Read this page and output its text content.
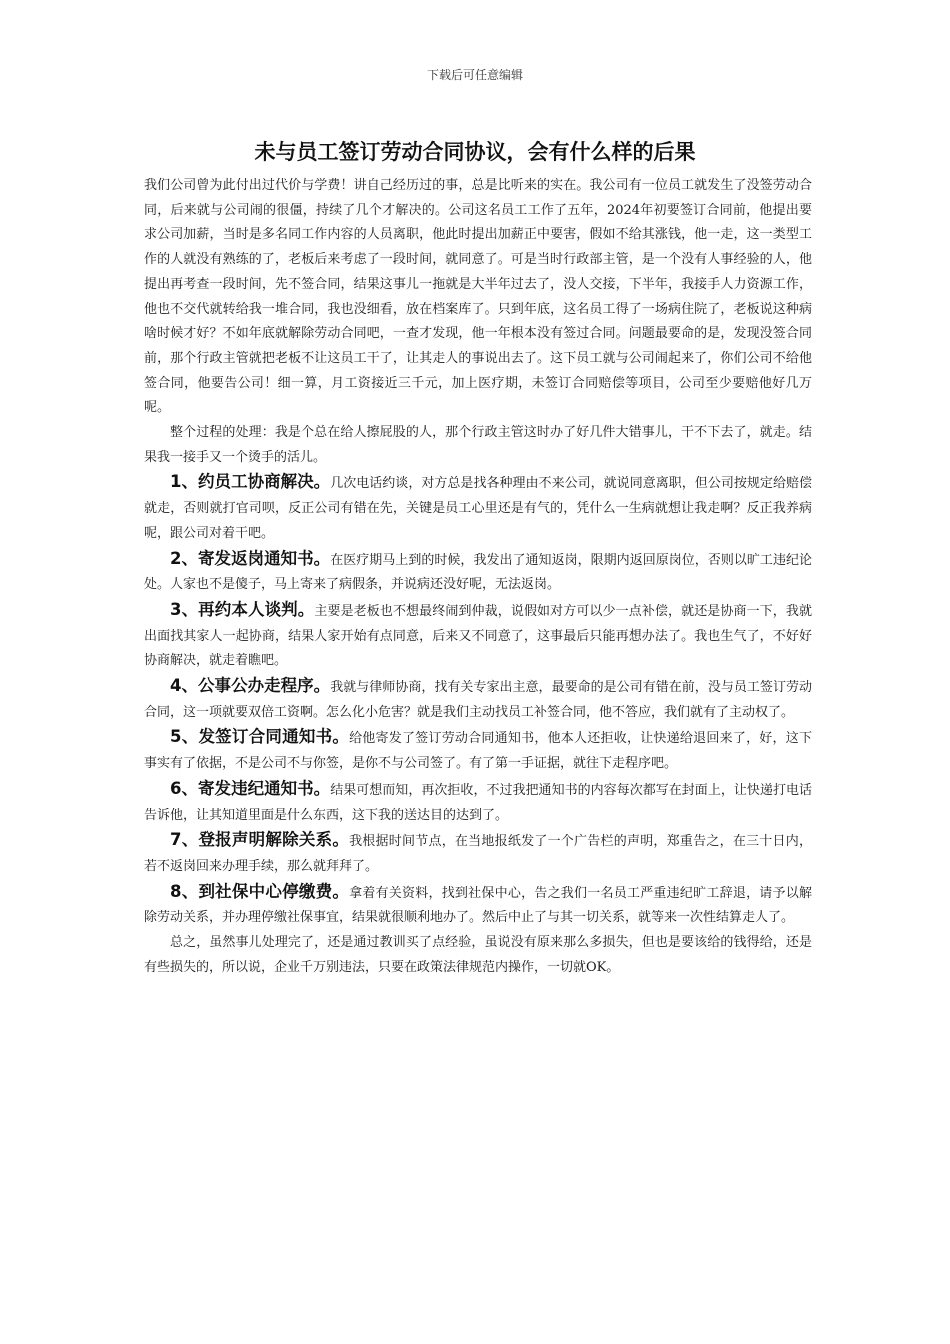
下载后可任意编辑
未与员工签订劳动合同协议，会有什么样的后果

我们公司曾为此付出过代价与学费！讲自己经历过的事，总是比听来的实在。我公司有一位员工就发生了没签劳动合同，后来就与公司闹的很僵，持续了几个才解决的。公司这名员工工作了五年，2024年初要签订合同前，他提出要求公司加薪，当时是多名同工作内容的人员离职，他此时提出加薪正中要害，假如不给其涨钱，他一走，这一类型工作的人就没有熟练的了，老板后来考虑了一段时间，就同意了。可是当时行政部主管，是一个没有人事经验的人，他提出再考查一段时间，先不签合同，结果这事儿一拖就是大半年过去了，没人交接，下半年，我接手人力资源工作，他也不交代就转给我一堆合同，我也没细看，放在档案库了。只到年底，这名员工得了一场病住院了，老板说这种病啥时候才好？不如年底就解除劳动合同吧，一查才发现，他一年根本没有签过合同。问题最要命的是，发现没签合同前，那个行政主管就把老板不让这员工干了，让其走人的事说出去了。这下员工就与公司闹起来了，你们公司不给他签合同，他要告公司！细一算，月工资接近三千元，加上医疗期，未签订合同赔偿等项目，公司至少要赔他好几万呢。

整个过程的处理：我是个总在给人擦屁股的人，那个行政主管这时办了好几件大错事儿，干不下去了，就走。结果我一接手又一个烫手的活儿。

1、约员工协商解决。几次电话约谈，对方总是找各种理由不来公司，就说同意离职，但公司按规定给赔偿就走，否则就打官司呗，反正公司有错在先，关键是员工心里还是有气的，凭什么一生病就想让我走啊？反正我养病呢，跟公司对着干吧。

2、寄发返岗通知书。在医疗期马上到的时候，我发出了通知返岗，限期内返回原岗位，否则以旷工违纪论处。人家也不是傻子，马上寄来了病假条，并说病还没好呢，无法返岗。

3、再约本人谈判。主要是老板也不想最终闹到仲裁，说假如对方可以少一点补偿，就还是协商一下，我就出面找其家人一起协商，结果人家开始有点同意，后来又不同意了，这事最后只能再想办法了。我也生气了，不好好协商解决，就走着瞧吧。

4、公事公办走程序。我就与律师协商，找有关专家出主意，最要命的是公司有错在前，没与员工签订劳动合同，这一项就要双倍工资啊。怎么化小危害？就是我们主动找员工补签合同，他不答应，我们就有了主动权了。

5、发签订合同通知书。给他寄发了签订劳动合同通知书，他本人还拒收，让快递给退回来了，好，这下事实有了依据，不是公司不与你签，是你不与公司签了。有了第一手证据，就往下走程序吧。

6、寄发违纪通知书。结果可想而知，再次拒收，不过我把通知书的内容每次都写在封面上，让快递打电话告诉他，让其知道里面是什么东西，这下我的送达目的达到了。

7、登报声明解除关系。我根据时间节点，在当地报纸发了一个广告栏的声明，郑重告之，在三十日内，若不返岗回来办理手续，那么就拜拜了。

8、到社保中心停缴费。拿着有关资料，找到社保中心，告之我们一名员工严重违纪旷工辞退，请予以解除劳动关系，并办理停缴社保事宜，结果就很顺利地办了。然后中止了与其一切关系，就等来一次性结算走人了。

总之，虽然事儿处理完了，还是通过教训买了点经验，虽说没有原来那么多损失，但也是要该给的钱得给，还是有些损失的，所以说，企业千万别违法，只要在政策法律规范内操作，一切就OK。
